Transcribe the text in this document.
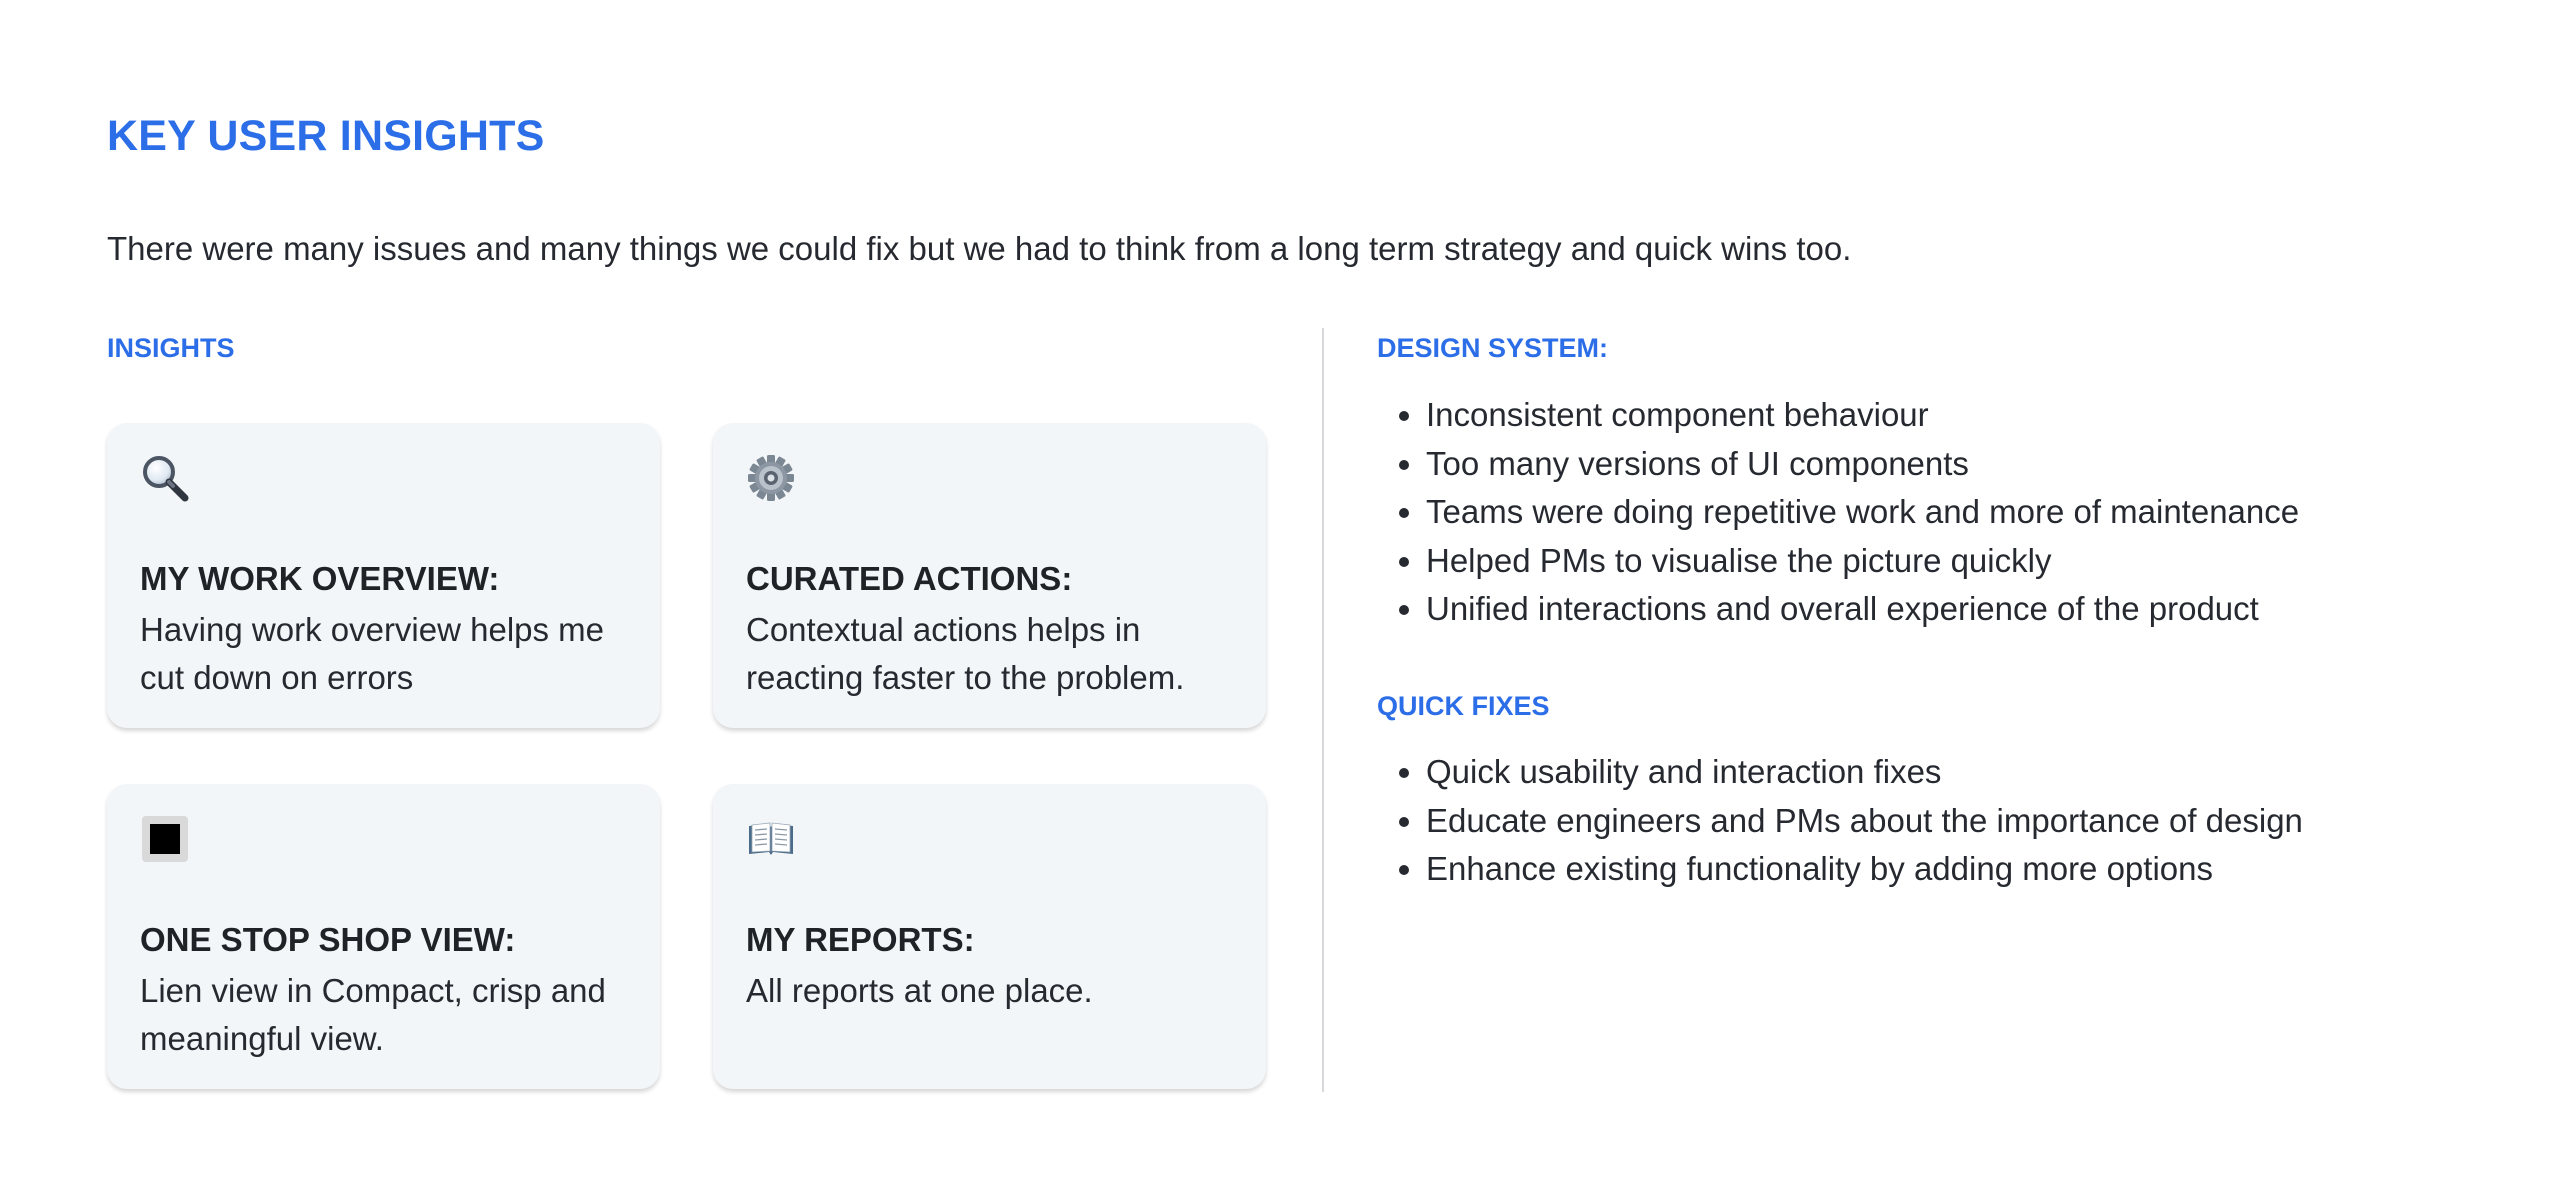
KEY USER INSIGHTS

There were many issues and many things we could fix but we had to think from a long term strategy and quick wins too.

INSIGHTS

MY WORK OVERVIEW:

Having work overview helps me cut down on errors

CURATED ACTIONS:

Contextual actions helps in reacting faster to the problem.

ONE STOP SHOP VIEW:

Lien view in Compact, crisp and meaningful view.

MY REPORTS:

All reports at one place.

DESIGN SYSTEM:
• Inconsistent component behaviour
• Too many versions of UI components
• Teams were doing repetitive work and more of maintenance
• Helped PMs to visualise the picture quickly
• Unified interactions and overall experience of the product
QUICK FIXES
• Quick usability and interaction fixes
• Educate engineers and PMs about the importance of design
• Enhance existing functionality by adding more options
